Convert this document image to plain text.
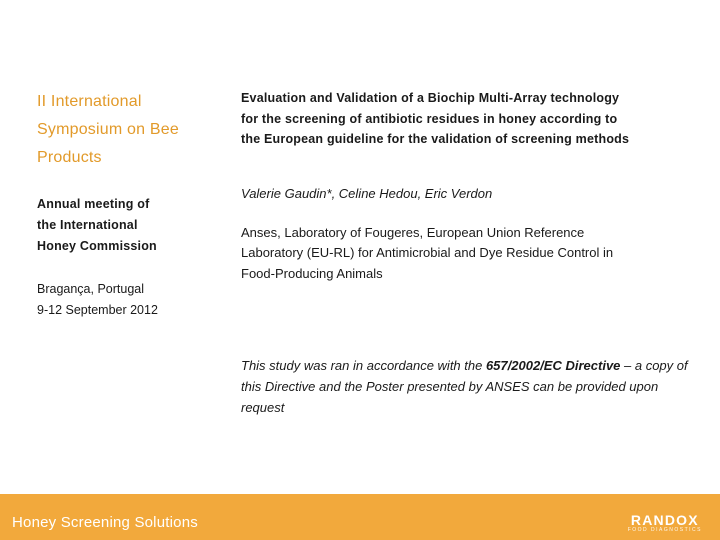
II International
Symposium on Bee
Products
Annual meeting of
the International
Honey Commission
Bragança, Portugal
9-12 September 2012
Evaluation and Validation of a Biochip Multi-Array technology
for the screening of antibiotic residues in honey according to
the European guideline for the validation of screening methods
Valerie Gaudin*, Celine Hedou, Eric Verdon
Anses, Laboratory of Fougeres, European Union Reference
Laboratory (EU-RL) for Antimicrobial and Dye Residue Control in
Food-Producing Animals
This study was ran in accordance with the 657/2002/EC Directive – a copy of this Directive and the Poster presented by ANSES can be provided upon request
Honey Screening Solutions	RANDOX
FOOD DIAGNOSTICS
